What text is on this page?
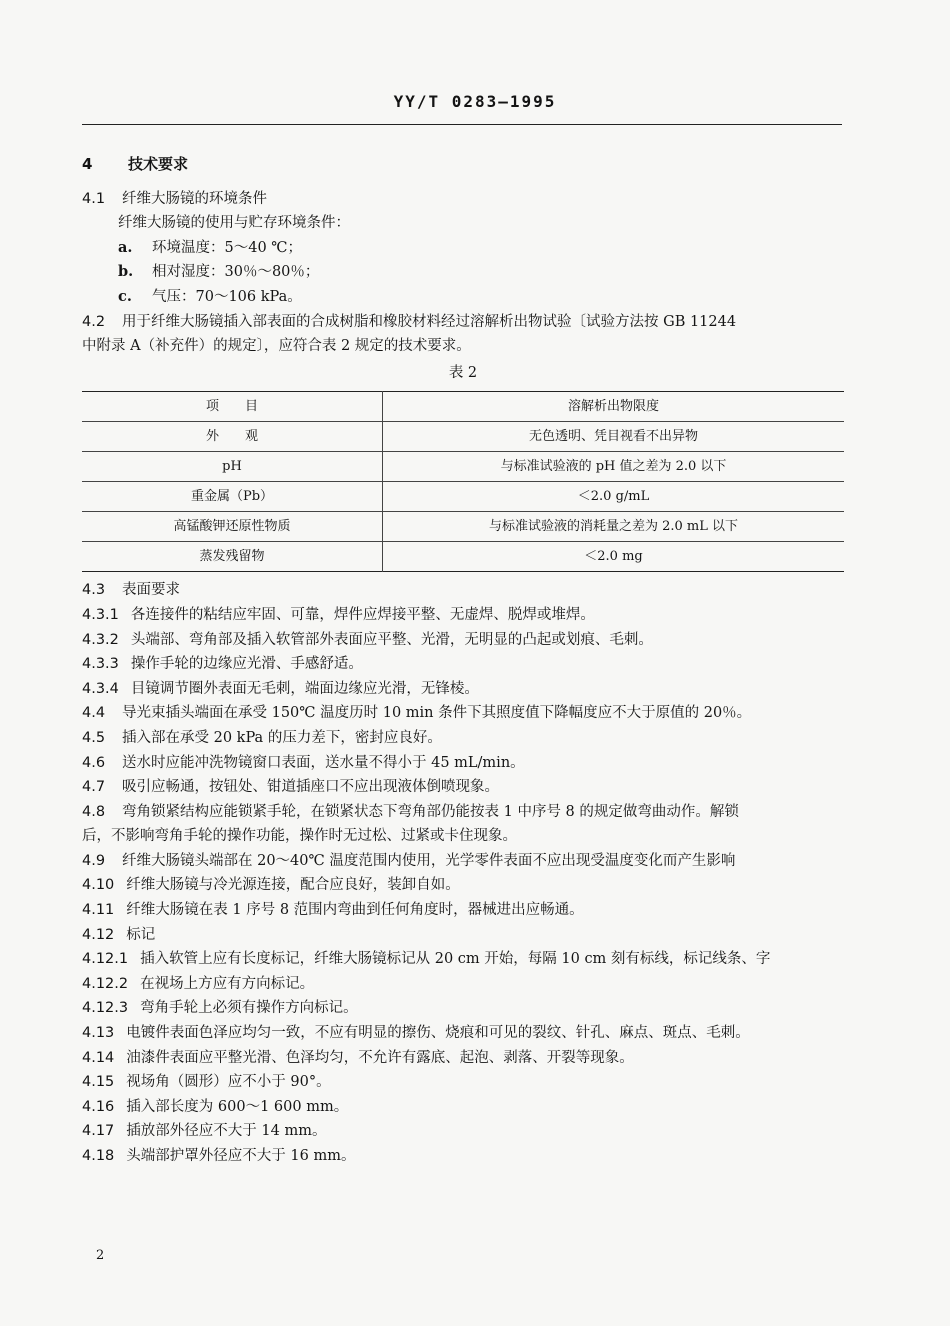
YY/T 0283—1995

4 技术要求

4.1 纤维大肠镜的环境条件

纤维大肠镜的使用与贮存环境条件：

a. 环境温度：5～40 ℃；

b. 相对湿度：30％～80％；

c. 气压：70～106 kPa。

4.2 用于纤维大肠镜插入部表面的合成树脂和橡胶材料经过溶解析出物试验〔试验方法按 GB 11244

中附录 A（补充件）的规定〕，应符合表 2 规定的技术要求。

表 2

项　　目	溶解析出物限度
外　　观	无色透明、凭目视看不出异物
pH	与标准试验液的 pH 值之差为 2.0 以下
重金属（Pb）	＜2.0 g/mL
高锰酸钾还原性物质	与标准试验液的消耗量之差为 2.0 mL 以下
蒸发残留物	＜2.0 mg

4.3 表面要求

4.3.1 各连接件的粘结应牢固、可靠，焊件应焊接平整、无虚焊、脱焊或堆焊。

4.3.2 头端部、弯角部及插入软管部外表面应平整、光滑，无明显的凸起或划痕、毛刺。

4.3.3 操作手轮的边缘应光滑、手感舒适。

4.3.4 目镜调节圈外表面无毛刺，端面边缘应光滑，无锋棱。

4.4 导光束插头端面在承受 150℃ 温度历时 10 min 条件下其照度值下降幅度应不大于原值的 20％。

4.5 插入部在承受 20 kPa 的压力差下，密封应良好。

4.6 送水时应能冲洗物镜窗口表面，送水量不得小于 45 mL/min。

4.7 吸引应畅通，按钮处、钳道插座口不应出现液体倒喷现象。

4.8 弯角锁紧结构应能锁紧手轮，在锁紧状态下弯角部仍能按表 1 中序号 8 的规定做弯曲动作。解锁

后，不影响弯角手轮的操作功能，操作时无过松、过紧或卡住现象。

4.9 纤维大肠镜头端部在 20～40℃ 温度范围内使用，光学零件表面不应出现受温度变化而产生影响

4.10 纤维大肠镜与冷光源连接，配合应良好，装卸自如。

4.11 纤维大肠镜在表 1 序号 8 范围内弯曲到任何角度时，器械进出应畅通。

4.12 标记

4.12.1 插入软管上应有长度标记，纤维大肠镜标记从 20 cm 开始，每隔 10 cm 刻有标线，标记线条、字

4.12.2 在视场上方应有方向标记。

4.12.3 弯角手轮上必须有操作方向标记。

4.13 电镀件表面色泽应均匀一致，不应有明显的擦伤、烧痕和可见的裂纹、针孔、麻点、斑点、毛刺。

4.14 油漆件表面应平整光滑、色泽均匀，不允许有露底、起泡、剥落、开裂等现象。

4.15 视场角（圆形）应不小于 90°。

4.16 插入部长度为 600～1 600 mm。

4.17 插放部外径应不大于 14 mm。

4.18 头端部护罩外径应不大于 16 mm。

2
